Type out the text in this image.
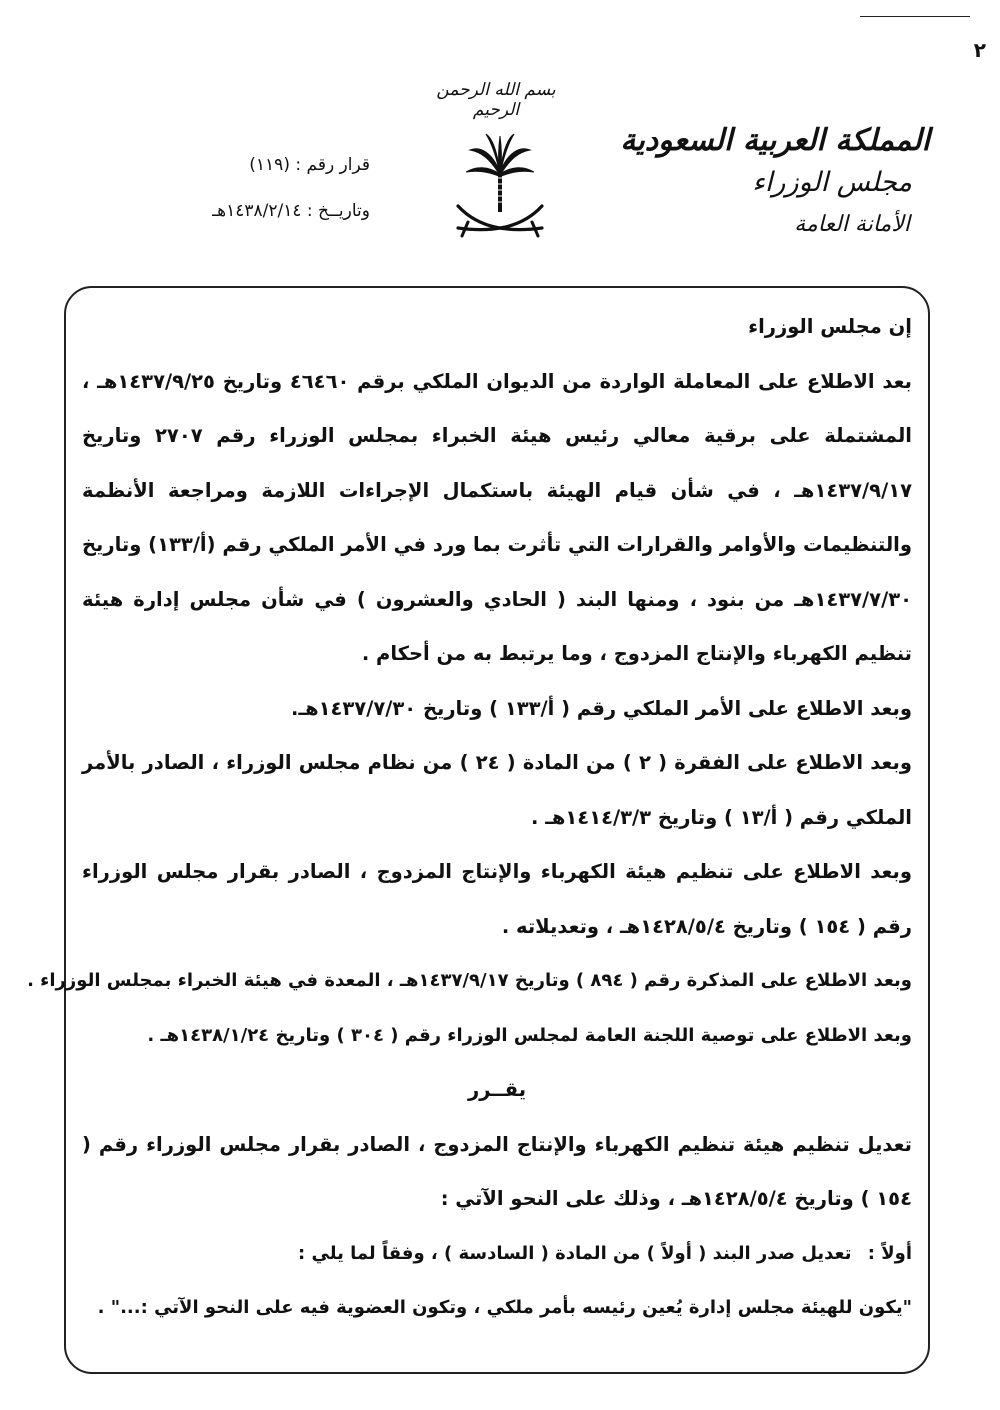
٢
بسم الله الرحمن الرحيم
المملكة العربية السعودية
مجلس الوزراء
الأمانة العامة
قرار رقم : (١١٩)
وتاريــخ : ١٤٣٨/٢/١٤هـ
إن مجلس الوزراء

بعد الاطلاع على المعاملة الواردة من الديوان الملكي برقم ٤٦٤٦٠ وتاريخ ١٤٣٧/٩/٢٥هـ ، المشتملة على برقية معالي رئيس هيئة الخبراء بمجلس الوزراء رقم ٢٧٠٧ وتاريخ ١٤٣٧/٩/١٧هـ ، في شأن قيام الهيئة باستكمال الإجراءات اللازمة ومراجعة الأنظمة والتنظيمات والأوامر والقرارات التي تأثرت بما ورد في الأمر الملكي رقم (أ/١٣٣) وتاريخ ١٤٣٧/٧/٣٠هـ من بنود ، ومنها البند ( الحادي والعشرون ) في شأن مجلس إدارة هيئة تنظيم الكهرباء والإنتاج المزدوج ، وما يرتبط به من أحكام .

وبعد الاطلاع على الأمر الملكي رقم ( أ/١٣٣ ) وتاريخ ١٤٣٧/٧/٣٠هـ.

وبعد الاطلاع على الفقرة ( ٢ ) من المادة ( ٢٤ ) من نظام مجلس الوزراء ، الصادر بالأمر الملكي رقم ( أ/١٣ ) وتاريخ ١٤١٤/٣/٣هـ .

وبعد الاطلاع على تنظيم هيئة الكهرباء والإنتاج المزدوج ، الصادر بقرار مجلس الوزراء رقم ( ١٥٤ ) وتاريخ ١٤٢٨/٥/٤هـ ، وتعديلاته .

وبعد الاطلاع على المذكرة رقم ( ٨٩٤ ) وتاريخ ١٤٣٧/٩/١٧هـ ، المعدة في هيئة الخبراء بمجلس الوزراء .
وبعد الاطلاع على توصية اللجنة العامة لمجلس الوزراء رقم ( ٣٠٤ ) وتاريخ ١٤٣٨/١/٢٤هـ .
يقــرر

تعديل تنظيم هيئة تنظيم الكهرباء والإنتاج المزدوج ، الصادر بقرار مجلس الوزراء رقم ( ١٥٤ ) وتاريخ ١٤٢٨/٥/٤هـ ، وذلك على النحو الآتي :

أولاً : تعديل صدر البند ( أولاً ) من المادة ( السادسة ) ، وفقاً لما يلي :
"يكون للهيئة مجلس إدارة يُعين رئيسه بأمر ملكي ، وتكون العضوية فيه على النحو الآتي :..." .
